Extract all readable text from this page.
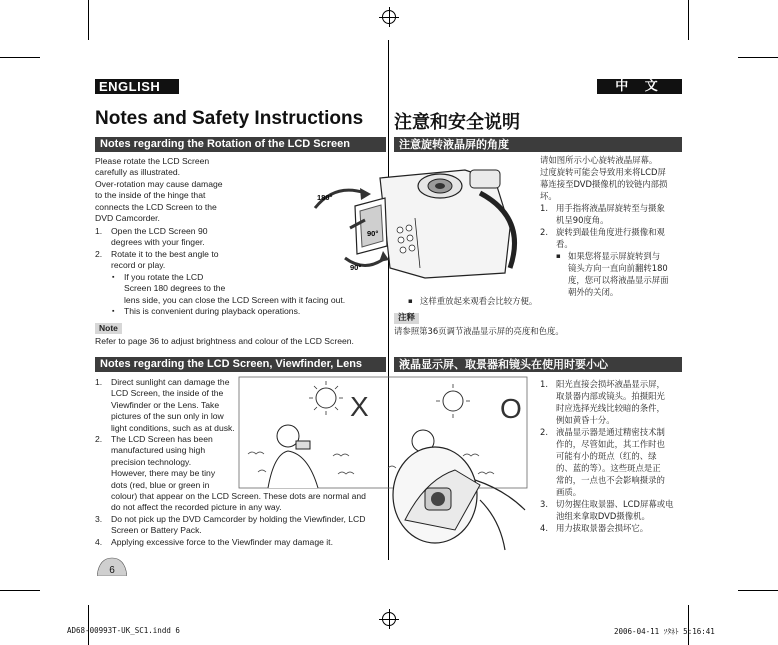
ENGLISH	中 文
Notes and Safety Instructions 注意和安全说明
Notes regarding the Rotation of the LCD Screen	注意旋转液晶屏的角度
Please rotate the LCD Screen
carefully as illustrated.
Over-rotation may cause damage
to the inside of the hinge that
connects the LCD Screen to the
DVD Camcorder.
1. Open the LCD Screen 90
degrees with your finger.
2. Rotate it to the best angle to
record or play.
▪ If you rotate the LCD
Screen 180 degrees to the
lens side, you can close the LCD Screen with it facing out.
▪ This is convenient during playback operations.
Note
Refer to page 36 to adjust brightness and colour of the LCD Screen.
180°
90°
90°
请如图所示小心旋转液晶屏幕。
过度旋转可能会导致用来将LCD屏
幕连接至DVD摄像机的铰链内部损
坏。
1. 用手指将液晶屏旋转至与摄象
机呈90度角。
2. 旋转到最佳角度进行摄像和观
看。
▪ 如果您将显示屏旋转到与
镜头方向一直向前翻转180
度，您可以将液晶显示屏面
朝外的关闭。
▪ 这样重放起来观看会比较方便。
注释
请参照第36页调节液晶显示屏的亮度和色度。
Notes regarding the LCD Screen, Viewfinder, Lens	液晶显示屏、取景器和镜头在使用时要小心
1. Direct sunlight can damage the
LCD Screen, the inside of the
Viewfinder or the Lens. Take
pictures of the sun only in low
light conditions, such as at dusk.
2. The LCD Screen has been
manufactured using high
precision technology.
However, there may be tiny
dots (red, blue or green in
colour) that appear on the LCD Screen. These dots are normal and
do not affect the recorded picture in any way.
3. Do not pick up the DVD Camcorder by holding the Viewfinder, LCD
Screen or Battery Pack.
4. Applying excessive force to the Viewfinder may damage it.
X	O
1. 阳光直接会损坏液晶显示屏，
取景器内部或镜头。拍摄阳光
时应选择光线比较暗的条件，
例如黄昏十分。
2. 液晶显示器是通过精密技术制
作的，尽管如此，其工作时也
可能有小的斑点（红的、绿
的、蓝的等）。这些斑点是正
常的，一点也不会影响摄录的
画质。
3. 切勿握住取景器、LCD屏幕或电
池组来拿取DVD摄像机。
4. 用力拔取景器会损坏它。
6
AD68-00993T-UK_SC1.indd 6	2006-04-11 ｿﾀﾈﾄ 5:16:41
